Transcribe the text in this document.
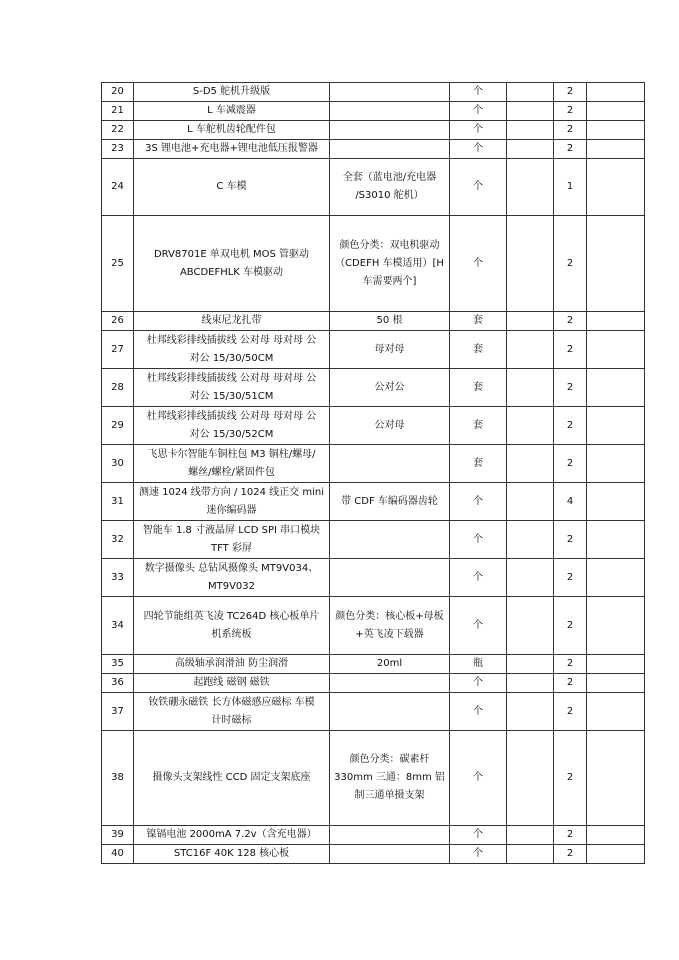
20	S-D5 舵机升级版		个		2	
21	L 车减震器		个		2	
22	L 车舵机齿轮配件包		个		2	
23	3S 锂电池+充电器+锂电池低压报警器		个		2	
24	C 车模	全套（蓝电池/充电器
/S3010 舵机）	个		1	
25	DRV8701E 单双电机 MOS 管驱动
ABCDEFHLK 车模驱动	颜色分类：双电机驱动
（CDEFH 车模适用）[H
车需要两个]	个		2	
26	线束尼龙扎带	50 根	套		2	
27	杜邦线彩排线插拔线 公对母 母对母 公
对公 15/30/50CM	母对母	套		2	
28	杜邦线彩排线插拔线 公对母 母对母 公
对公 15/30/51CM	公对公	套		2	
29	杜邦线彩排线插拔线 公对母 母对母 公
对公 15/30/52CM	公对母	套		2	
30	飞思卡尔智能车铜柱包 M3 铜柱/螺母/
螺丝/螺栓/紧固件包		套		2	
31	测速 1024 线带方向 / 1024 线正交 mini
迷你编码器	带 CDF 车编码器齿轮	个		4	
32	智能车 1.8 寸液晶屏 LCD SPI 串口模块
TFT 彩屏		个		2	
33	数字摄像头 总钻风摄像头 MT9V034、
MT9V032		个		2	
34	四轮节能组英飞凌 TC264D 核心板单片
机系统板	颜色分类：核心板+母板
+英飞凌下载器	个		2	
35	高级轴承润滑油 防尘润滑	20ml	瓶		2	
36	起跑线 磁钢 磁铁		个		2	
37	钕铁硼永磁铁 长方体磁感应磁标 车模
计时磁标		个		2	
38	摄像头支架线性 CCD 固定支架底座	颜色分类：碳素杆
330mm 三通：8mm 铝
制三通单摄支架	个		2	
39	镍镉电池 2000mA 7.2v（含充电器）		个		2	
40	STC16F 40K 128 核心板		个		2	
